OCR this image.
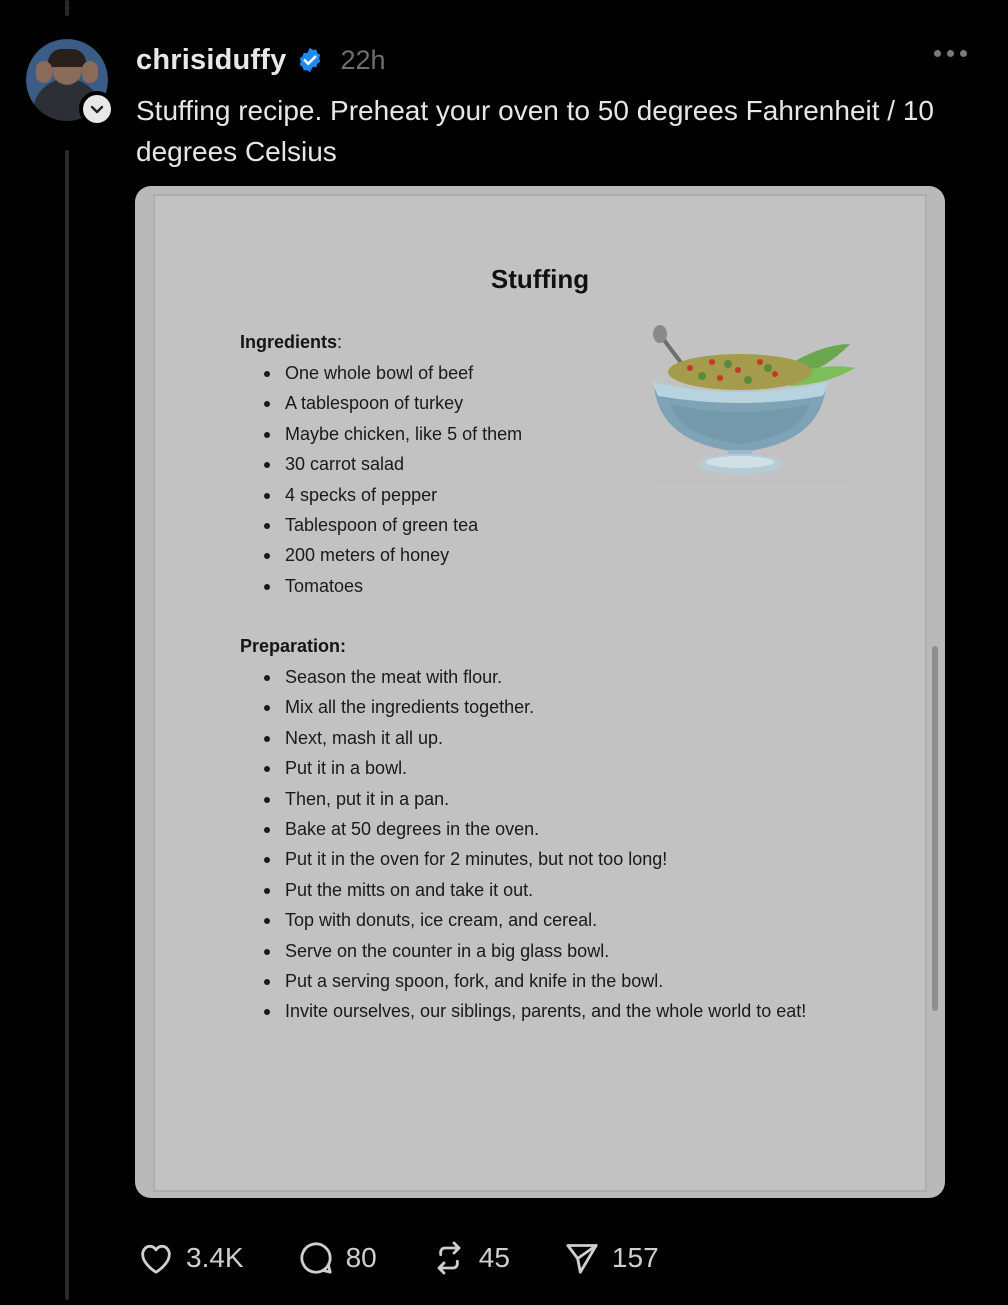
chrisiduffy 22h
Stuffing recipe. Preheat your oven to 50 degrees Fahrenheit / 10 degrees Celsius
Stuffing
Ingredients:
One whole bowl of beef
A tablespoon of turkey
Maybe chicken, like 5 of them
30 carrot salad
4 specks of pepper
Tablespoon of green tea
200 meters of honey
Tomatoes
Preparation:
Season the meat with flour.
Mix all the ingredients together.
Next, mash it all up.
Put it in a bowl.
Then, put it in a pan.
Bake at 50 degrees in the oven.
Put it in the oven for 2 minutes, but not too long!
Put the mitts on and take it out.
Top with donuts, ice cream, and cereal.
Serve on the counter in a big glass bowl.
Put a serving spoon, fork, and knife in the bowl.
Invite ourselves, our siblings, parents, and the whole world to eat!
3.4K	80	45	157
